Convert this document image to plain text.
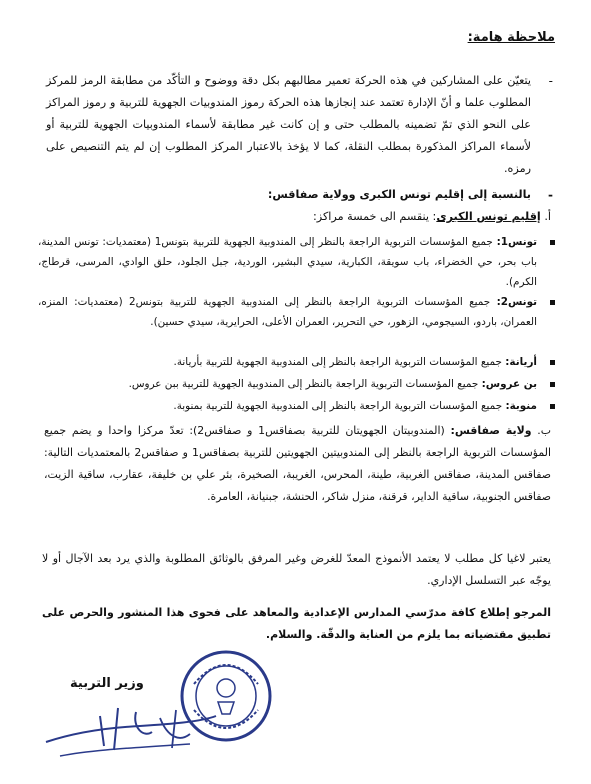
ملاحظة هامة:

- يتعيّن على المشاركين في هذه الحركة تعمير مطالبهم بكل دقة ووضوح و التأكّد من مطابقة الرمز للمركز المطلوب علما و أنّ الإدارة تعتمد عند إنجازها هذه الحركة رموز المندوبيات الجهوية للتربية و رموز المراكز على النحو الذي تمّ تضمينه بالمطلب حتى و إن كانت غير مطابقة لأسماء المندوبيات الجهوية للتربية أو لأسماء المراكز المذكورة بمطلب النقلة، كما لا يؤخذ بالاعتبار المركز المطلوب إن لم يتم التنصيص على رمزه.

- بالنسبة إلى إقليم تونس الكبرى وولاية صفاقس:

أ. إقليم تونس الكبرى: ينقسم الى خمسة مراكز:

تونس1: جميع المؤسسات التربوية الراجعة بالنظر إلى المندوبية الجهوية للتربية بتونس1 (معتمديات: تونس المدينة، باب بحر، حي الخضراء، باب سويقة، الكبارية، سيدي البشير، الوردية، جبل الجلود، حلق الوادي، المرسى، قرطاج، الكرم).

تونس2: جميع المؤسسات التربوية الراجعة بالنظر إلى المندوبية الجهوية للتربية بتونس2 (معتمديات: المنزه، العمران، باردو، السيجومي، الزهور، حي التحرير، العمران الأعلى، الحرايرية، سيدي حسين).

أريانة: جميع المؤسسات التربوية الراجعة بالنظر إلى المندوبية الجهوية للتربية بأريانة.

بن عروس: جميع المؤسسات التربوية الراجعة بالنظر إلى المندوبية الجهوية للتربية ببن عروس.

منوبة: جميع المؤسسات التربوية الراجعة بالنظر إلى المندوبية الجهوية للتربية بمنوبة.

ب. ولاية صفاقس: (المندوبيتان الجهويتان للتربية بصفاقس1 و صفاقس2): تعدّ مركزا واحدا و يضم جميع المؤسسات التربوية الراجعة بالنظر إلى المندوبيتين الجهويتين للتربية بصفاقس1 و صفاقس2 بالمعتمديات التالية: صفاقس المدينة، صفاقس الغربية، طينة، المحرس، الغريبة، الصخيرة، بئر علي بن خليفة، عقارب، ساقية الزيت، صفاقس الجنوبية، ساقية الداير، قرقنة، منزل شاكر، الحنشة، جبنيانة، العامرة.

يعتبر لاغيا كل مطلب لا يعتمد الأنموذج المعدّ للغرض وغير المرفق بالوثائق المطلوبة والذي يرد بعد الآجال أو لا يوجّه عبر التسلسل الإداري.

المرجو إطلاع كافة مدرّسي المدارس الإعدادية والمعاهد على فحوى هذا المنشور والحرص على تطبيق مقتضياته بما يلزم من العناية والدقّة. والسلام.

وزير التربية
